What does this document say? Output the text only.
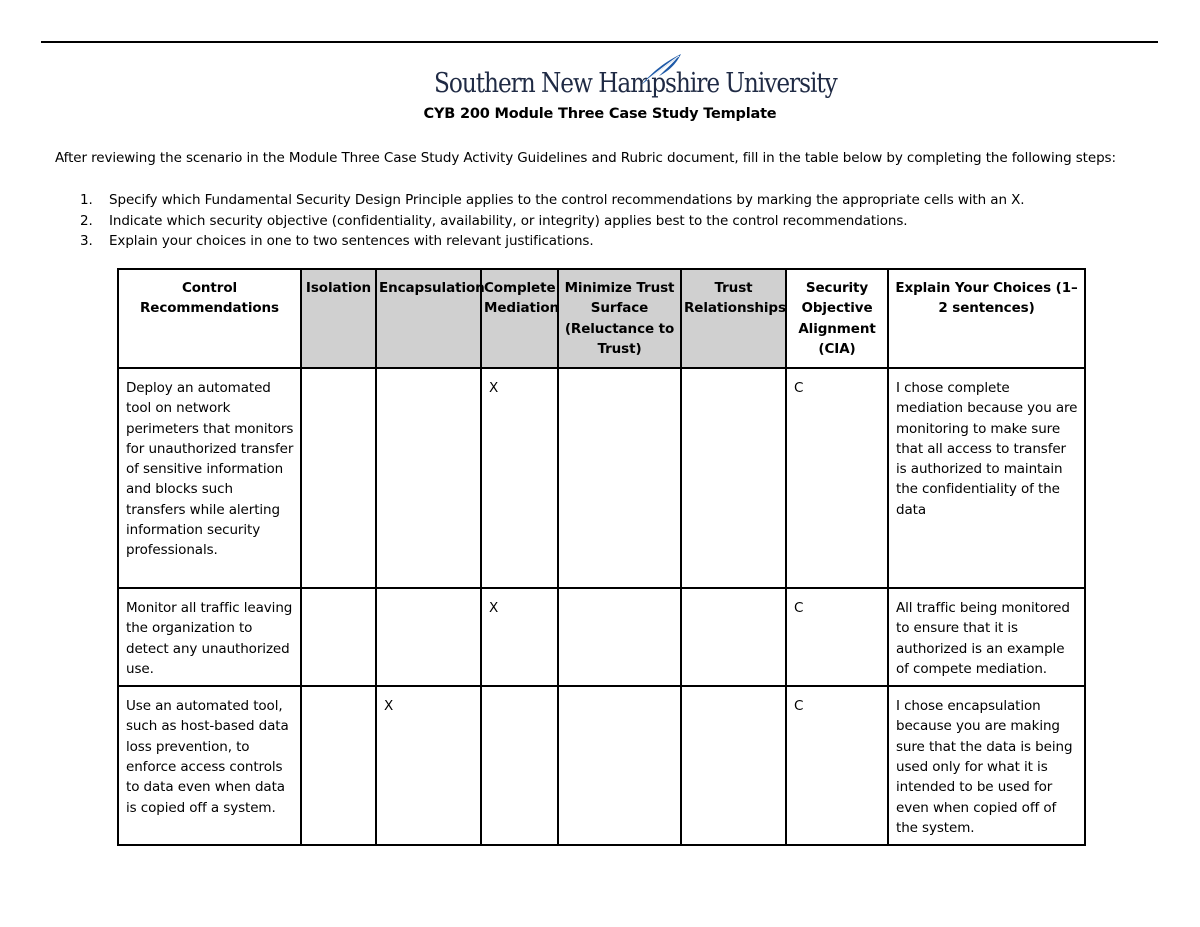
Southern New Hampshire University
CYB 200 Module Three Case Study Template
After reviewing the scenario in the Module Three Case Study Activity Guidelines and Rubric document, fill in the table below by completing the following steps:
1.	Specify which Fundamental Security Design Principle applies to the control recommendations by marking the appropriate cells with an X.
2.	Indicate which security objective (confidentiality, availability, or integrity) applies best to the control recommendations.
3.	Explain your choices in one to two sentences with relevant justifications.
Control Recommendations	Isolation	Encapsulation	Complete Mediation	Minimize Trust Surface (Reluctance to Trust)	Trust Relationships	Security Objective Alignment (CIA)	Explain Your Choices (1–2 sentences)
Deploy an automated tool on network perimeters that monitors for unauthorized transfer of sensitive information and blocks such transfers while alerting information security professionals.			X			C	I chose complete mediation because you are monitoring to make sure that all access to transfer is authorized to maintain the confidentiality of the data
Monitor all traffic leaving the organization to detect any unauthorized use.			X			C	All traffic being monitored to ensure that it is authorized is an example of compete mediation.
Use an automated tool, such as host-based data loss prevention, to enforce access controls to data even when data is copied off a system.		X				C	I chose encapsulation because you are making sure that the data is being used only for what it is intended to be used for even when copied off of the system.
